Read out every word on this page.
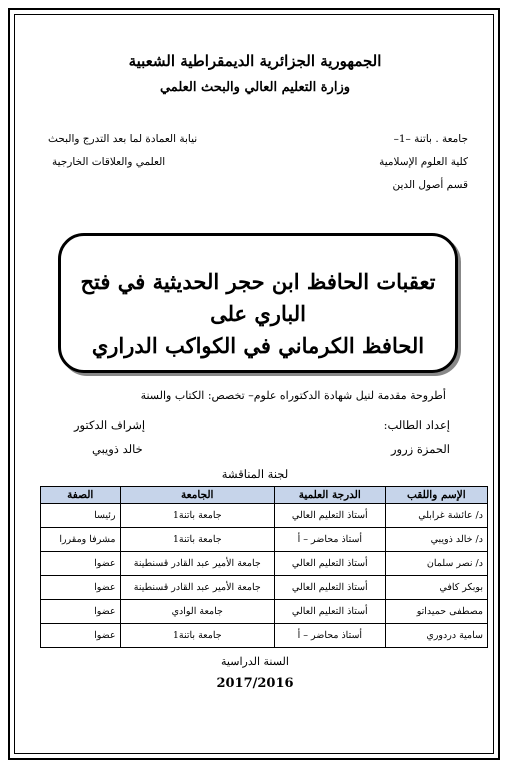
الجمهورية الجزائرية الديمقراطية الشعبية
وزارة التعليم العالي والبحث العلمي
جامعة . باتنة –1–
كلية العلوم الإسلامية
قسم أصول الدين
نيابة العمادة لما بعد التدرج والبحث
العلمي والعلاقات الخارجية
تعقبات الحافظ ابن حجر الحديثية في فتح الباري على
الحافظ الكرماني في الكواكب الدراري
أطروحة مقدمة لنيل شهادة الدكتوراه علوم– تخصص: الكتاب والسنة
إعداد الطالب:
إشراف الدكتور
الحمزة زرور
خالد ذويبي
لجنة المناقشة
الإسم واللقب	الدرجة العلمية	الجامعة	الصفة
د/ عائشة غرابلي	أستاذ التعليم العالي	جامعة باتنة1	رئيسا
د/ خالد ذويبي	أستاذ محاضر – أ	جامعة باتنة1	مشرفا ومقررا
د/ نصر سلمان	أستاذ التعليم العالي	جامعة الأمير عبد القادر قسنطينة	عضوا
بوبكر كافي	أستاذ التعليم العالي	جامعة الأمير عبد القادر قسنطينة	عضوا
مصطفى حميداتو	أستاذ التعليم العالي	جامعة الوادي	عضوا
سامية دردوري	أستاذ محاضر – أ	جامعة باتنة1	عضوا
السنة الدراسية
2017/2016
